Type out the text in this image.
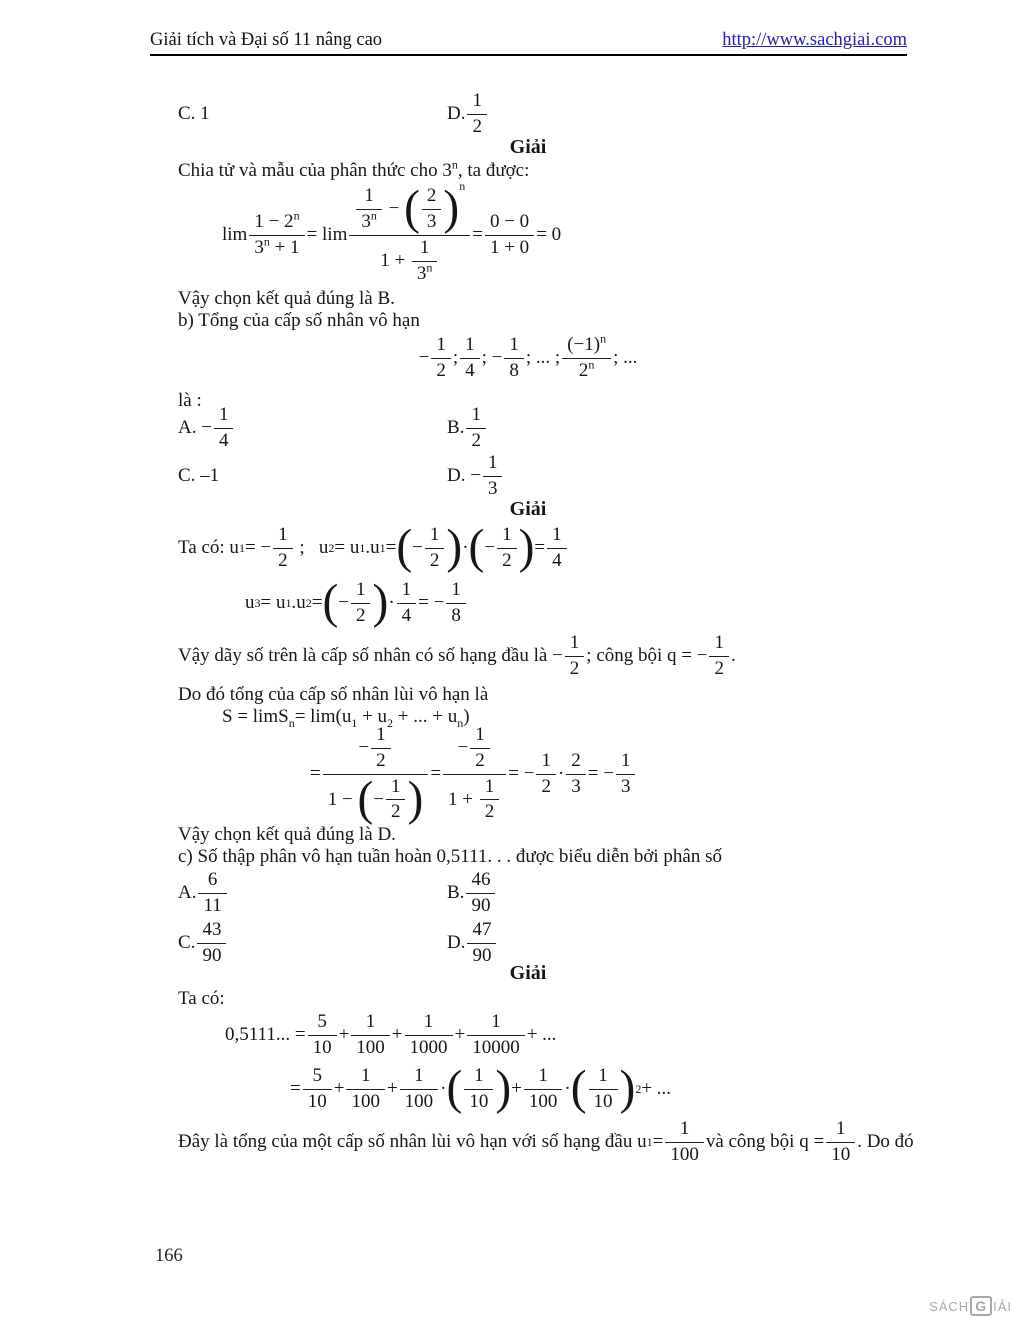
Giải tích và Đại số 11 nâng cao	http://www.sachgiai.com
C. 1	D. $\frac{1}{2}$
Giải
Chia tử và mẫu của phân thức cho 3$^n$, ta được:
$\lim \frac{1 - 2^n}{3^n + 1} = \lim \frac{\frac{1}{3^n} - ( \frac{2}{3} ) n}{1 + \frac{1}{3^n}} = \frac{0 - 0}{1 + 0} = 0$
Vậy chọn kết quả đúng là B.
b) Tổng của cấp số nhân vô hạn
− $\frac{1}{2}$ ; $\frac{1}{4}$ ; − $\frac{1}{8}$ ; ... ; $\frac{(-1)^n}{2^n}$ ; ...
là :
A. − $\frac{1}{4}$	B. $\frac{1}{2}$
C. –1	D. − $\frac{1}{3}$
Giải
Ta có: u 1 = − $\frac{1}{2}$ ;   u 2 = u 1 .u 1 = ( − $\frac{1}{2}$ ) · ( − $\frac{1}{2}$ ) = $\frac{1}{4}$
u 3 = u 1 .u 2 = ( − $\frac{1}{2}$ ) · $\frac{1}{4}$ = − $\frac{1}{8}$
Vậy dãy số trên là cấp số nhân có số hạng đầu là − $\frac{1}{2}$ ; công bội q = − $\frac{1}{2}$ .
Do đó tổng của cấp số nhân lùi vô hạn là
$S = \lim S_n= \lim(u_1 + u_2$ + ... + $u_n$)
= $\frac{- \frac{1}{2}}{1 - ( - \frac{1}{2} )} = \frac{- \frac{1}{2}}{1 + \frac{1}{2}}$ = − $\frac{1}{2} \cdot \frac{2}{3}$ = − $\frac{1}{3}$
Vậy chọn kết quả đúng là D.
c) Số thập phân vô hạn tuần hoàn 0,5111. . . được biểu diễn bởi phân số
A. $\frac{6}{11}$	B. $\frac{46}{90}$
C. $\frac{43}{90}$	D. $\frac{47}{90}$
Giải
Ta có:
0,5111... = $\frac{5}{10} + \frac{1}{100} + \frac{1}{1000} + \frac{1}{10000}$ + ...
= $\frac{5}{10} + \frac{1}{100} + \frac{1}{100}$ · ( $\frac{1}{10}$ ) + $\frac{1}{100}$ · ( $\frac{1}{10}$ ) 2 + ...
Đây là tổng của một cấp số nhân lùi vô hạn với số hạng đầu u $1 = \frac{1}{100}$ và công bội $q = \frac{1}{10}$ . Do đó
166
SÁCH G IẢI
